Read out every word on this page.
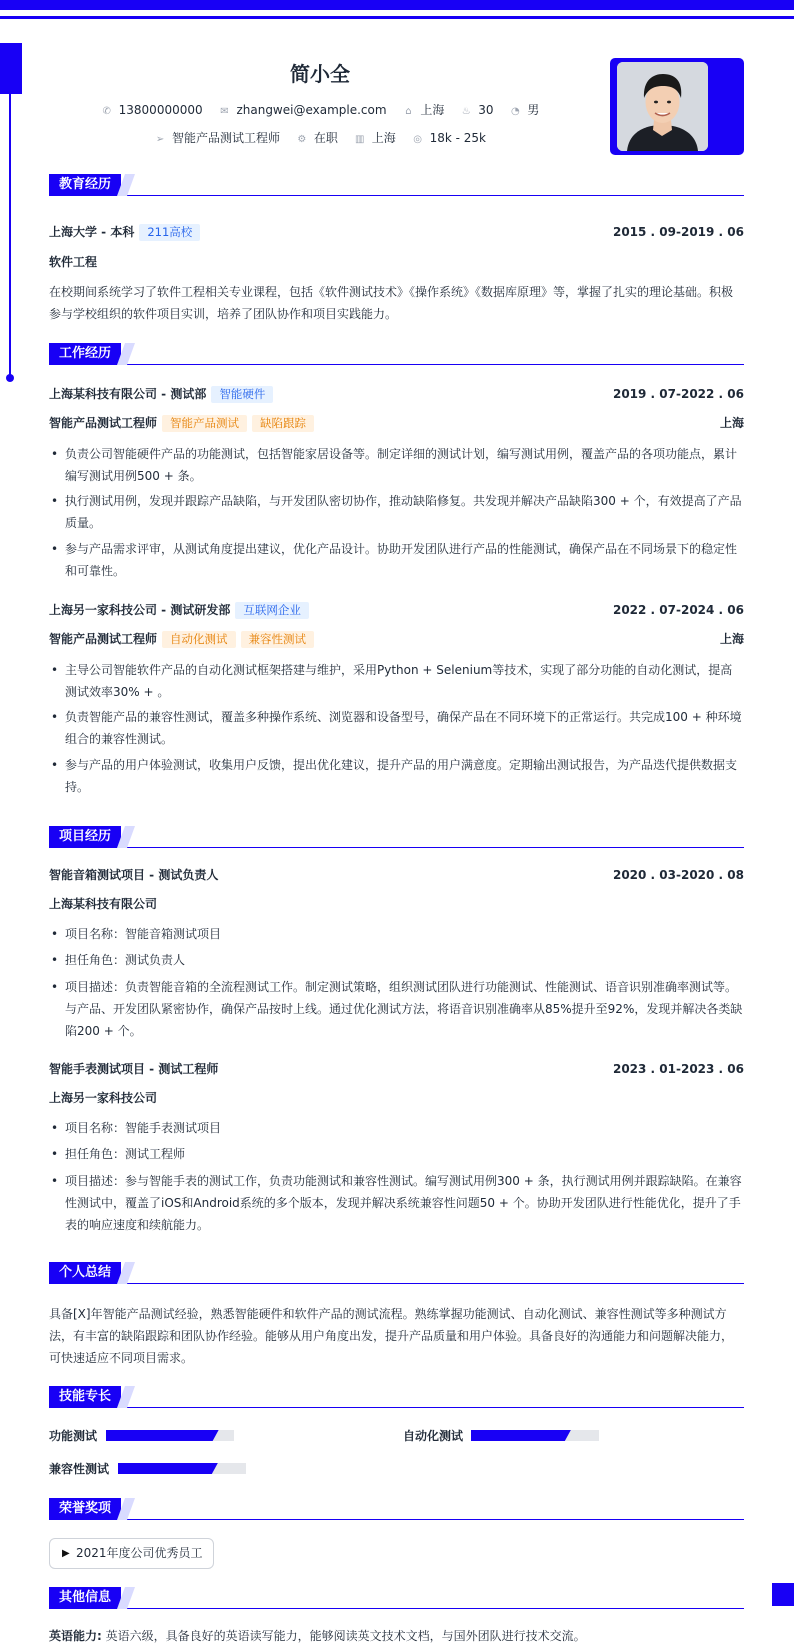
简小全
✆ 13800000000 ✉ zhangwei@example.com ⌂ 上海 ♨ 30 ◔ 男
➢ 智能产品测试工程师 ⚙ 在职 ▥ 上海 ◎ 18k - 25k
教育经历
上海大学 - 本科 211高校	2015 . 09-2019 . 06
软件工程
在校期间系统学习了软件工程相关专业课程，包括《软件测试技术》《操作系统》《数据库原理》等，掌握了扎实的理论基础。积极参与学校组织的软件项目实训，培养了团队协作和项目实践能力。
工作经历
上海某科技有限公司 - 测试部 智能硬件	2019 . 07-2022 . 06
智能产品测试工程师 智能产品测试 缺陷跟踪	上海
• 负责公司智能硬件产品的功能测试，包括智能家居设备等。制定详细的测试计划，编写测试用例，覆盖产品的各项功能点，累计编写测试用例500 + 条。
• 执行测试用例，发现并跟踪产品缺陷，与开发团队密切协作，推动缺陷修复。共发现并解决产品缺陷300 + 个，有效提高了产品质量。
• 参与产品需求评审，从测试角度提出建议，优化产品设计。协助开发团队进行产品的性能测试，确保产品在不同场景下的稳定性和可靠性。
上海另一家科技公司 - 测试研发部 互联网企业	2022 . 07-2024 . 06
智能产品测试工程师 自动化测试 兼容性测试	上海
• 主导公司智能软件产品的自动化测试框架搭建与维护，采用Python + Selenium等技术，实现了部分功能的自动化测试，提高测试效率30% + 。
• 负责智能产品的兼容性测试，覆盖多种操作系统、浏览器和设备型号，确保产品在不同环境下的正常运行。共完成100 + 种环境组合的兼容性测试。
• 参与产品的用户体验测试，收集用户反馈，提出优化建议，提升产品的用户满意度。定期输出测试报告，为产品迭代提供数据支持。
项目经历
智能音箱测试项目 - 测试负责人	2020 . 03-2020 . 08
上海某科技有限公司
• 项目名称：智能音箱测试项目
• 担任角色：测试负责人
• 项目描述：负责智能音箱的全流程测试工作。制定测试策略，组织测试团队进行功能测试、性能测试、语音识别准确率测试等。与产品、开发团队紧密协作，确保产品按时上线。通过优化测试方法，将语音识别准确率从85%提升至92%，发现并解决各类缺陷200 + 个。
智能手表测试项目 - 测试工程师	2023 . 01-2023 . 06
上海另一家科技公司
• 项目名称：智能手表测试项目
• 担任角色：测试工程师
• 项目描述：参与智能手表的测试工作，负责功能测试和兼容性测试。编写测试用例300 + 条，执行测试用例并跟踪缺陷。在兼容性测试中，覆盖了iOS和Android系统的多个版本，发现并解决系统兼容性问题50 + 个。协助开发团队进行性能优化，提升了手表的响应速度和续航能力。
个人总结
具备[X]年智能产品测试经验，熟悉智能硬件和软件产品的测试流程。熟练掌握功能测试、自动化测试、兼容性测试等多种测试方法，有丰富的缺陷跟踪和团队协作经验。能够从用户角度出发，提升产品质量和用户体验。具备良好的沟通能力和问题解决能力，可快速适应不同项目需求。
技能专长
功能测试	自动化测试
兼容性测试
荣誉奖项
▶ 2021年度公司优秀员工
其他信息
英语能力: 英语六级，具备良好的英语读写能力，能够阅读英文技术文档，与国外团队进行技术交流。
